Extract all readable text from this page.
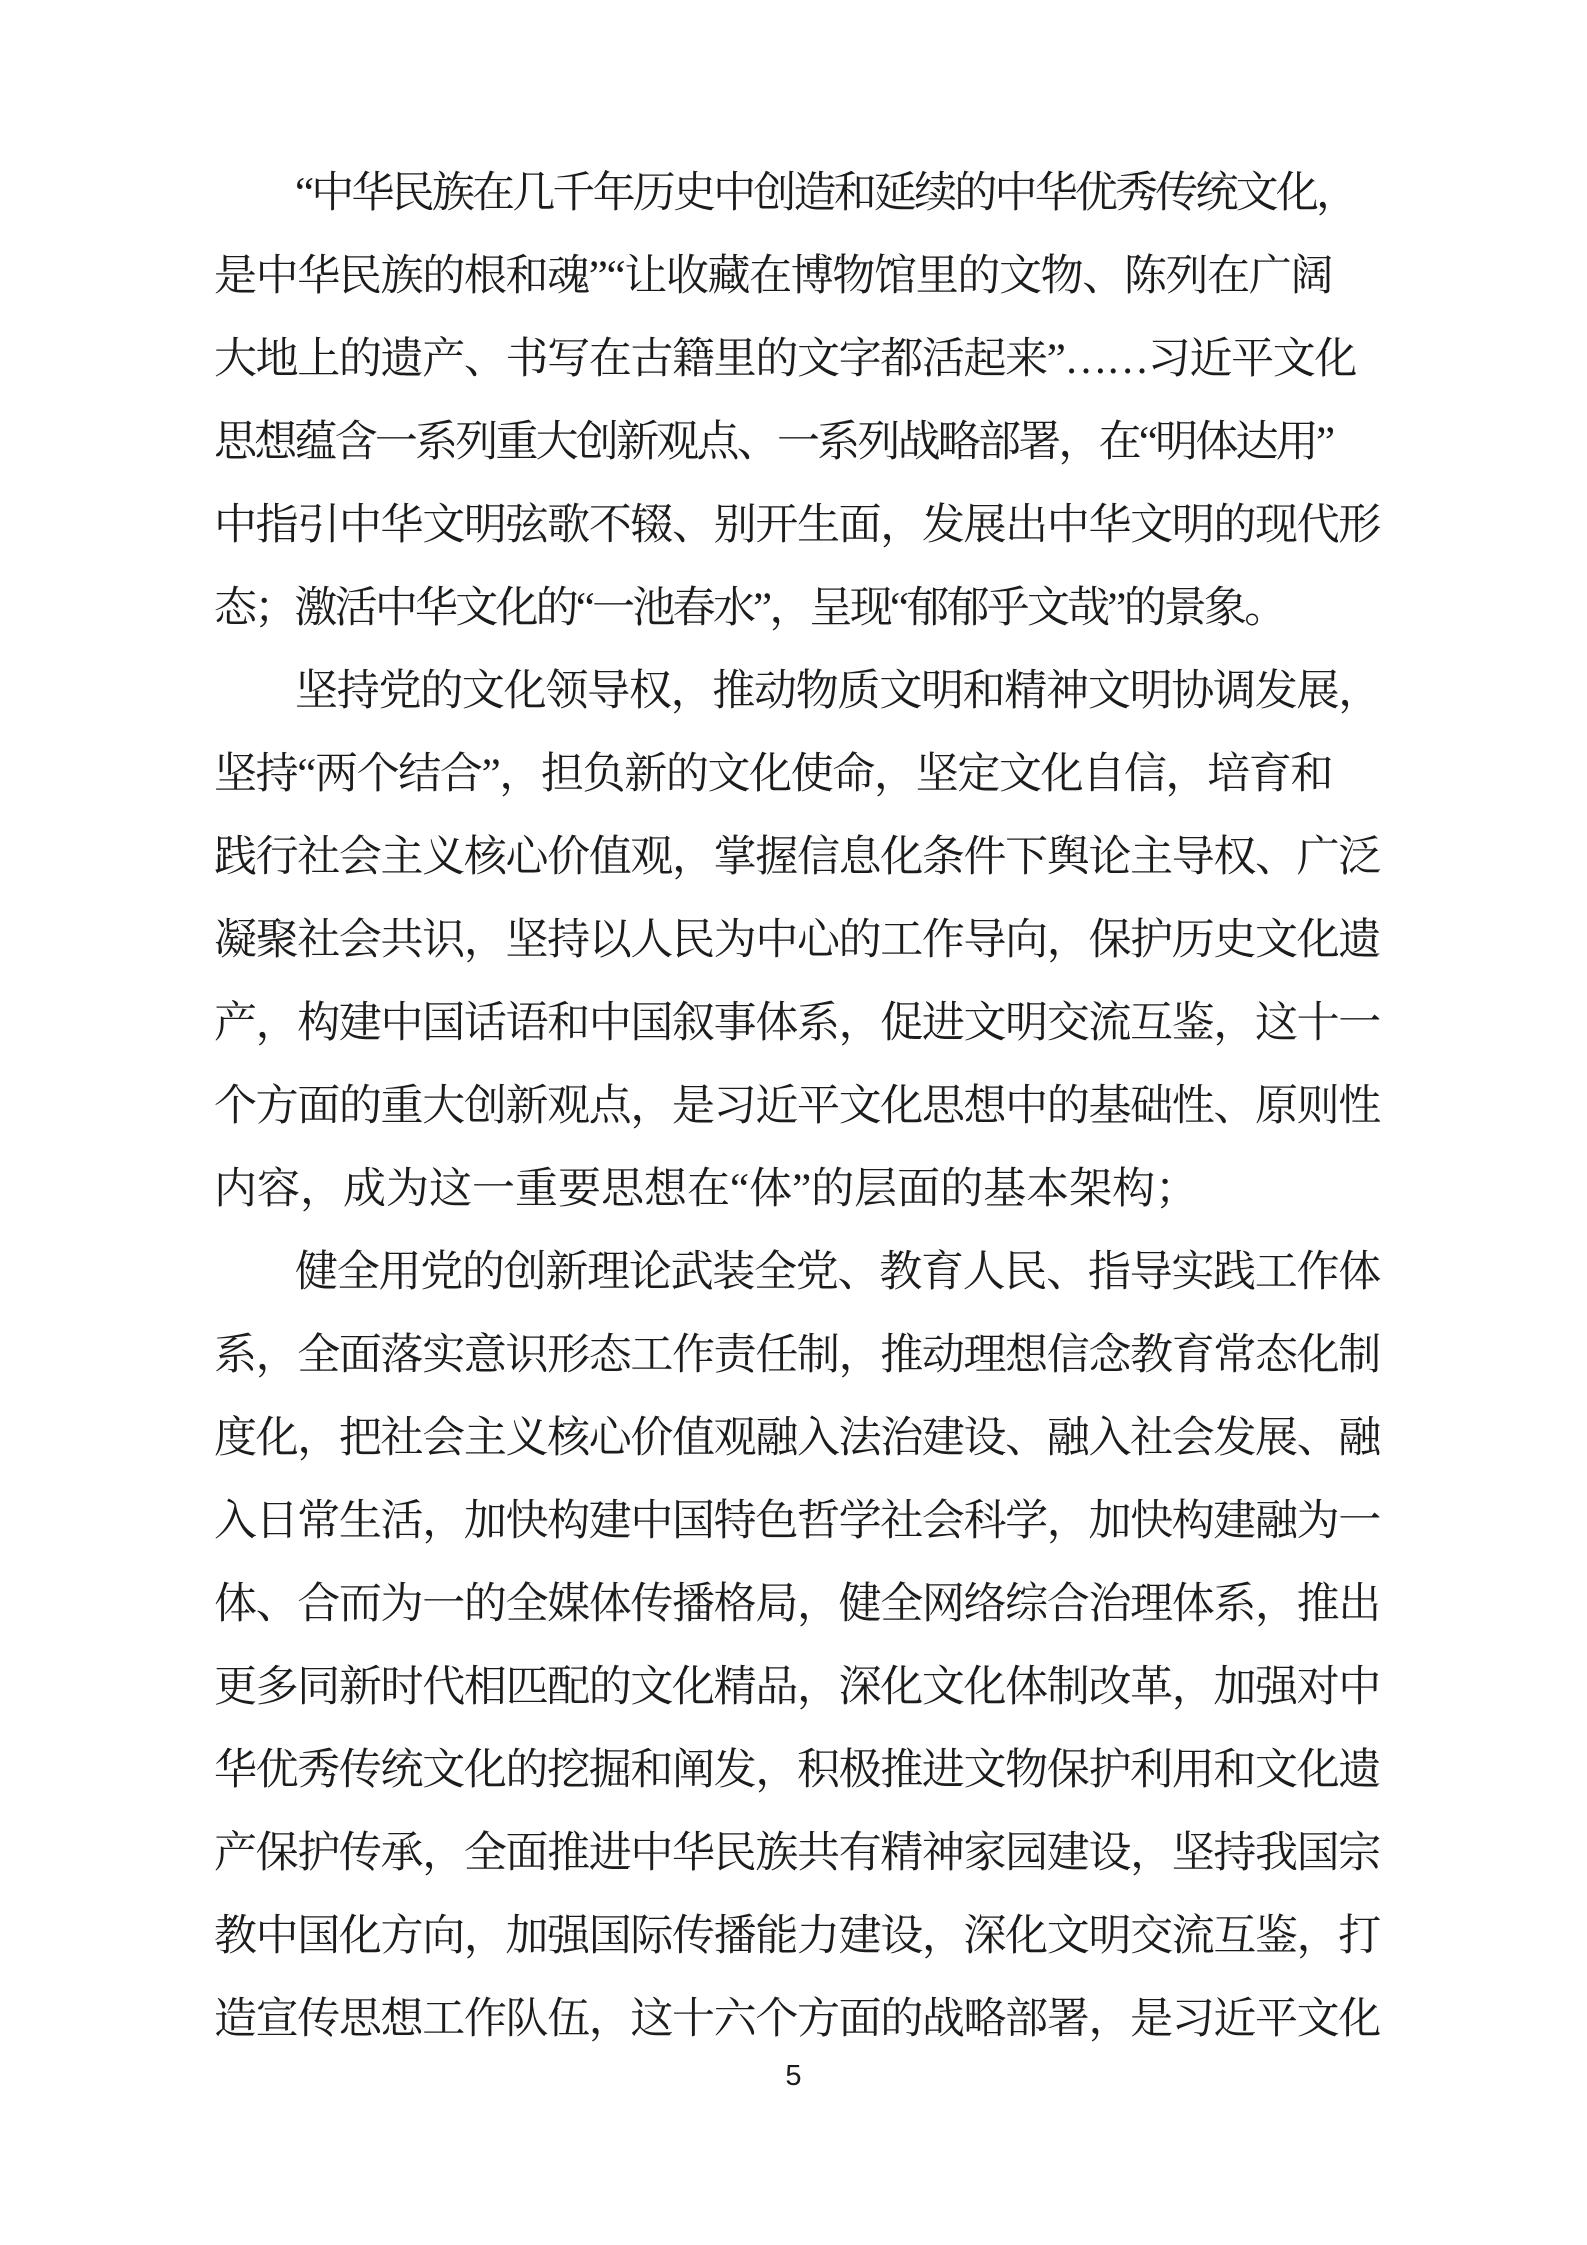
“中华民族在几千年历史中创造和延续的中华优秀传统文化，
是中华民族的根和魂”“让收藏在博物馆里的文物、陈列在广阔
大地上的遗产、书写在古籍里的文字都活起来”……习近平文化
思想蕴含一系列重大创新观点、一系列战略部署，在“明体达用”
中指引中华文明弦歌不辍、别开生面，发展出中华文明的现代形
态；激活中华文化的“一池春水”，呈现“郁郁乎文哉”的景象。
坚持党的文化领导权，推动物质文明和精神文明协调发展，
坚持“两个结合”，担负新的文化使命，坚定文化自信，培育和
践行社会主义核心价值观，掌握信息化条件下舆论主导权、广泛
凝聚社会共识，坚持以人民为中心的工作导向，保护历史文化遗
产，构建中国话语和中国叙事体系，促进文明交流互鉴，这十一
个方面的重大创新观点，是习近平文化思想中的基础性、原则性
内容，成为这一重要思想在“体”的层面的基本架构；
健全用党的创新理论武装全党、教育人民、指导实践工作体
系，全面落实意识形态工作责任制，推动理想信念教育常态化制
度化，把社会主义核心价值观融入法治建设、融入社会发展、融
入日常生活，加快构建中国特色哲学社会科学，加快构建融为一
体、合而为一的全媒体传播格局，健全网络综合治理体系，推出
更多同新时代相匹配的文化精品，深化文化体制改革，加强对中
华优秀传统文化的挖掘和阐发，积极推进文物保护利用和文化遗
产保护传承，全面推进中华民族共有精神家园建设，坚持我国宗
教中国化方向，加强国际传播能力建设，深化文明交流互鉴，打
造宣传思想工作队伍，这十六个方面的战略部署，是习近平文化
5
